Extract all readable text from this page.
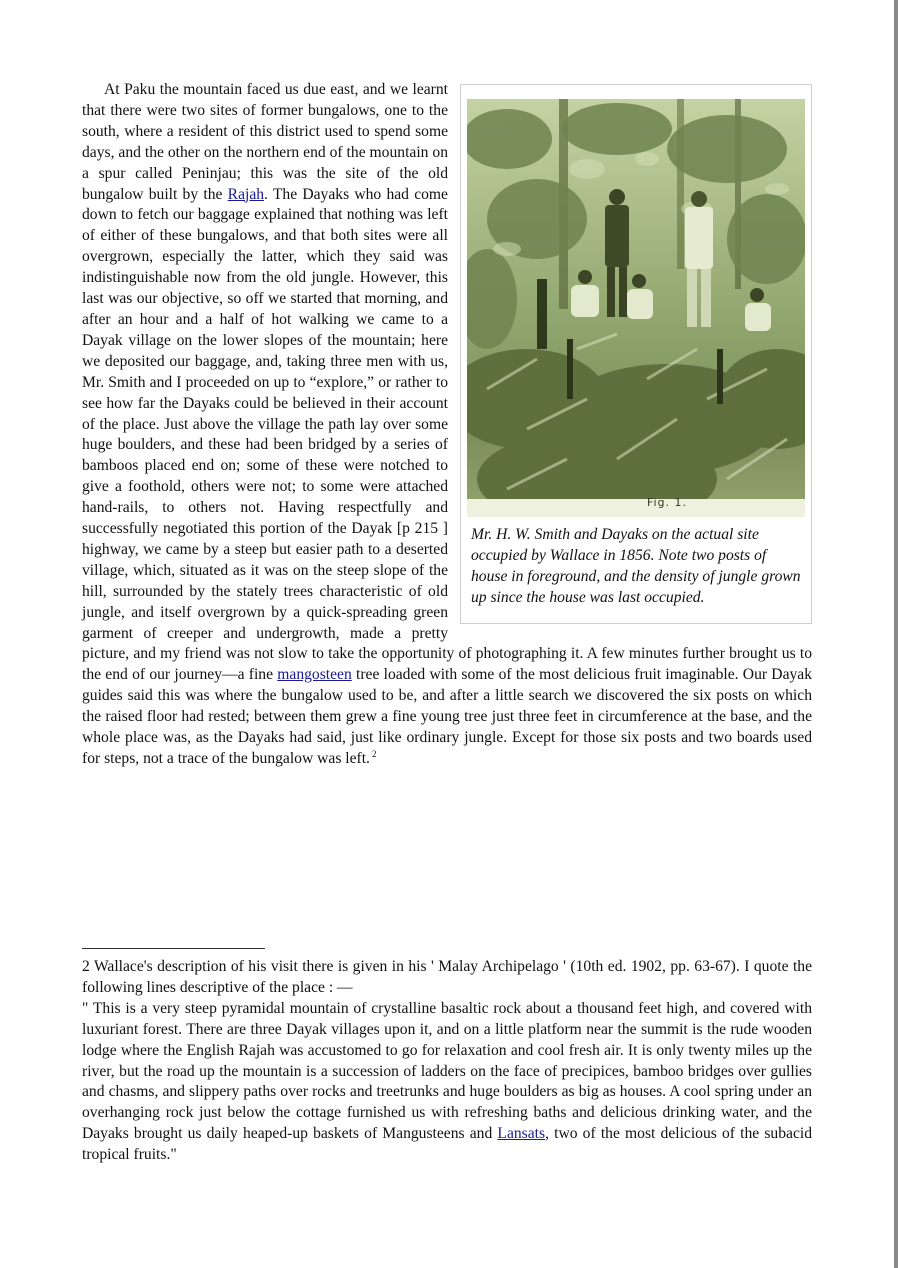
Fig. 1.
Mr. H. W. Smith and Dayaks on the actual site occupied by Wallace in 1856. Note two posts of house in foreground, and the density of jungle grown up since the house was last occupied.

At Paku the mountain faced us due east, and we learnt that there were two sites of former bungalows, one to the south, where a resident of this district used to spend some days, and the other on the northern end of the mountain on a spur called Peninjau; this was the site of the old bungalow built by the Rajah. The Dayaks who had come down to fetch our baggage explained that nothing was left of either of these bungalows, and that both sites were all overgrown, especially the latter, which they said was indistinguishable now from the old jungle. However, this last was our objective, so off we started that morning, and after an hour and a half of hot walking we came to a Dayak village on the lower slopes of the mountain; here we deposited our baggage, and, taking three men with us, Mr. Smith and I proceeded on up to “explore,” or rather to see how far the Dayaks could be believed in their account of the place. Just above the village the path lay over some huge boulders, and these had been bridged by a series of bamboos placed end on; some of these were notched to give a foothold, others were not; to some were attached hand-rails, to others not. Having respectfully and successfully negotiated this portion of the Dayak [p 215 ] highway, we came by a steep but easier path to a deserted village, which, situated as it was on the steep slope of the hill, surrounded by the stately trees characteristic of old jungle, and itself overgrown by a quick-spreading green garment of creeper and undergrowth, made a pretty picture, and my friend was not slow to take the opportunity of photographing it. A few minutes further brought us to the end of our journey—a fine mangosteen tree loaded with some of the most delicious fruit imaginable. Our Dayak guides said this was where the bungalow used to be, and after a little search we discovered the six posts on which the raised floor had rested; between them grew a fine young tree just three feet in circumference at the base, and the whole place was, as the Dayaks had said, just like ordinary jungle. Except for those six posts and two boards used for steps, not a trace of the bungalow was left. $^2$

2 Wallace's description of his visit there is given in his ' Malay Archipelago ' (10th ed. 1902, pp. 63-67). I quote the following lines descriptive of the place : —

" This is a very steep pyramidal mountain of crystalline basaltic rock about a thousand feet high, and covered with luxuriant forest. There are three Dayak villages upon it, and on a little platform near the summit is the rude wooden lodge where the English Rajah was accustomed to go for relaxation and cool fresh air. It is only twenty miles up the river, but the road up the mountain is a succession of ladders on the face of precipices, bamboo bridges over gullies and chasms, and slippery paths over rocks and treetrunks and huge boulders as big as houses. A cool spring under an overhanging rock just below the cottage furnished us with refreshing baths and delicious drinking water, and the Dayaks brought us daily heaped-up baskets of Mangusteens and Lansats, two of the most delicious of the subacid tropical fruits."
